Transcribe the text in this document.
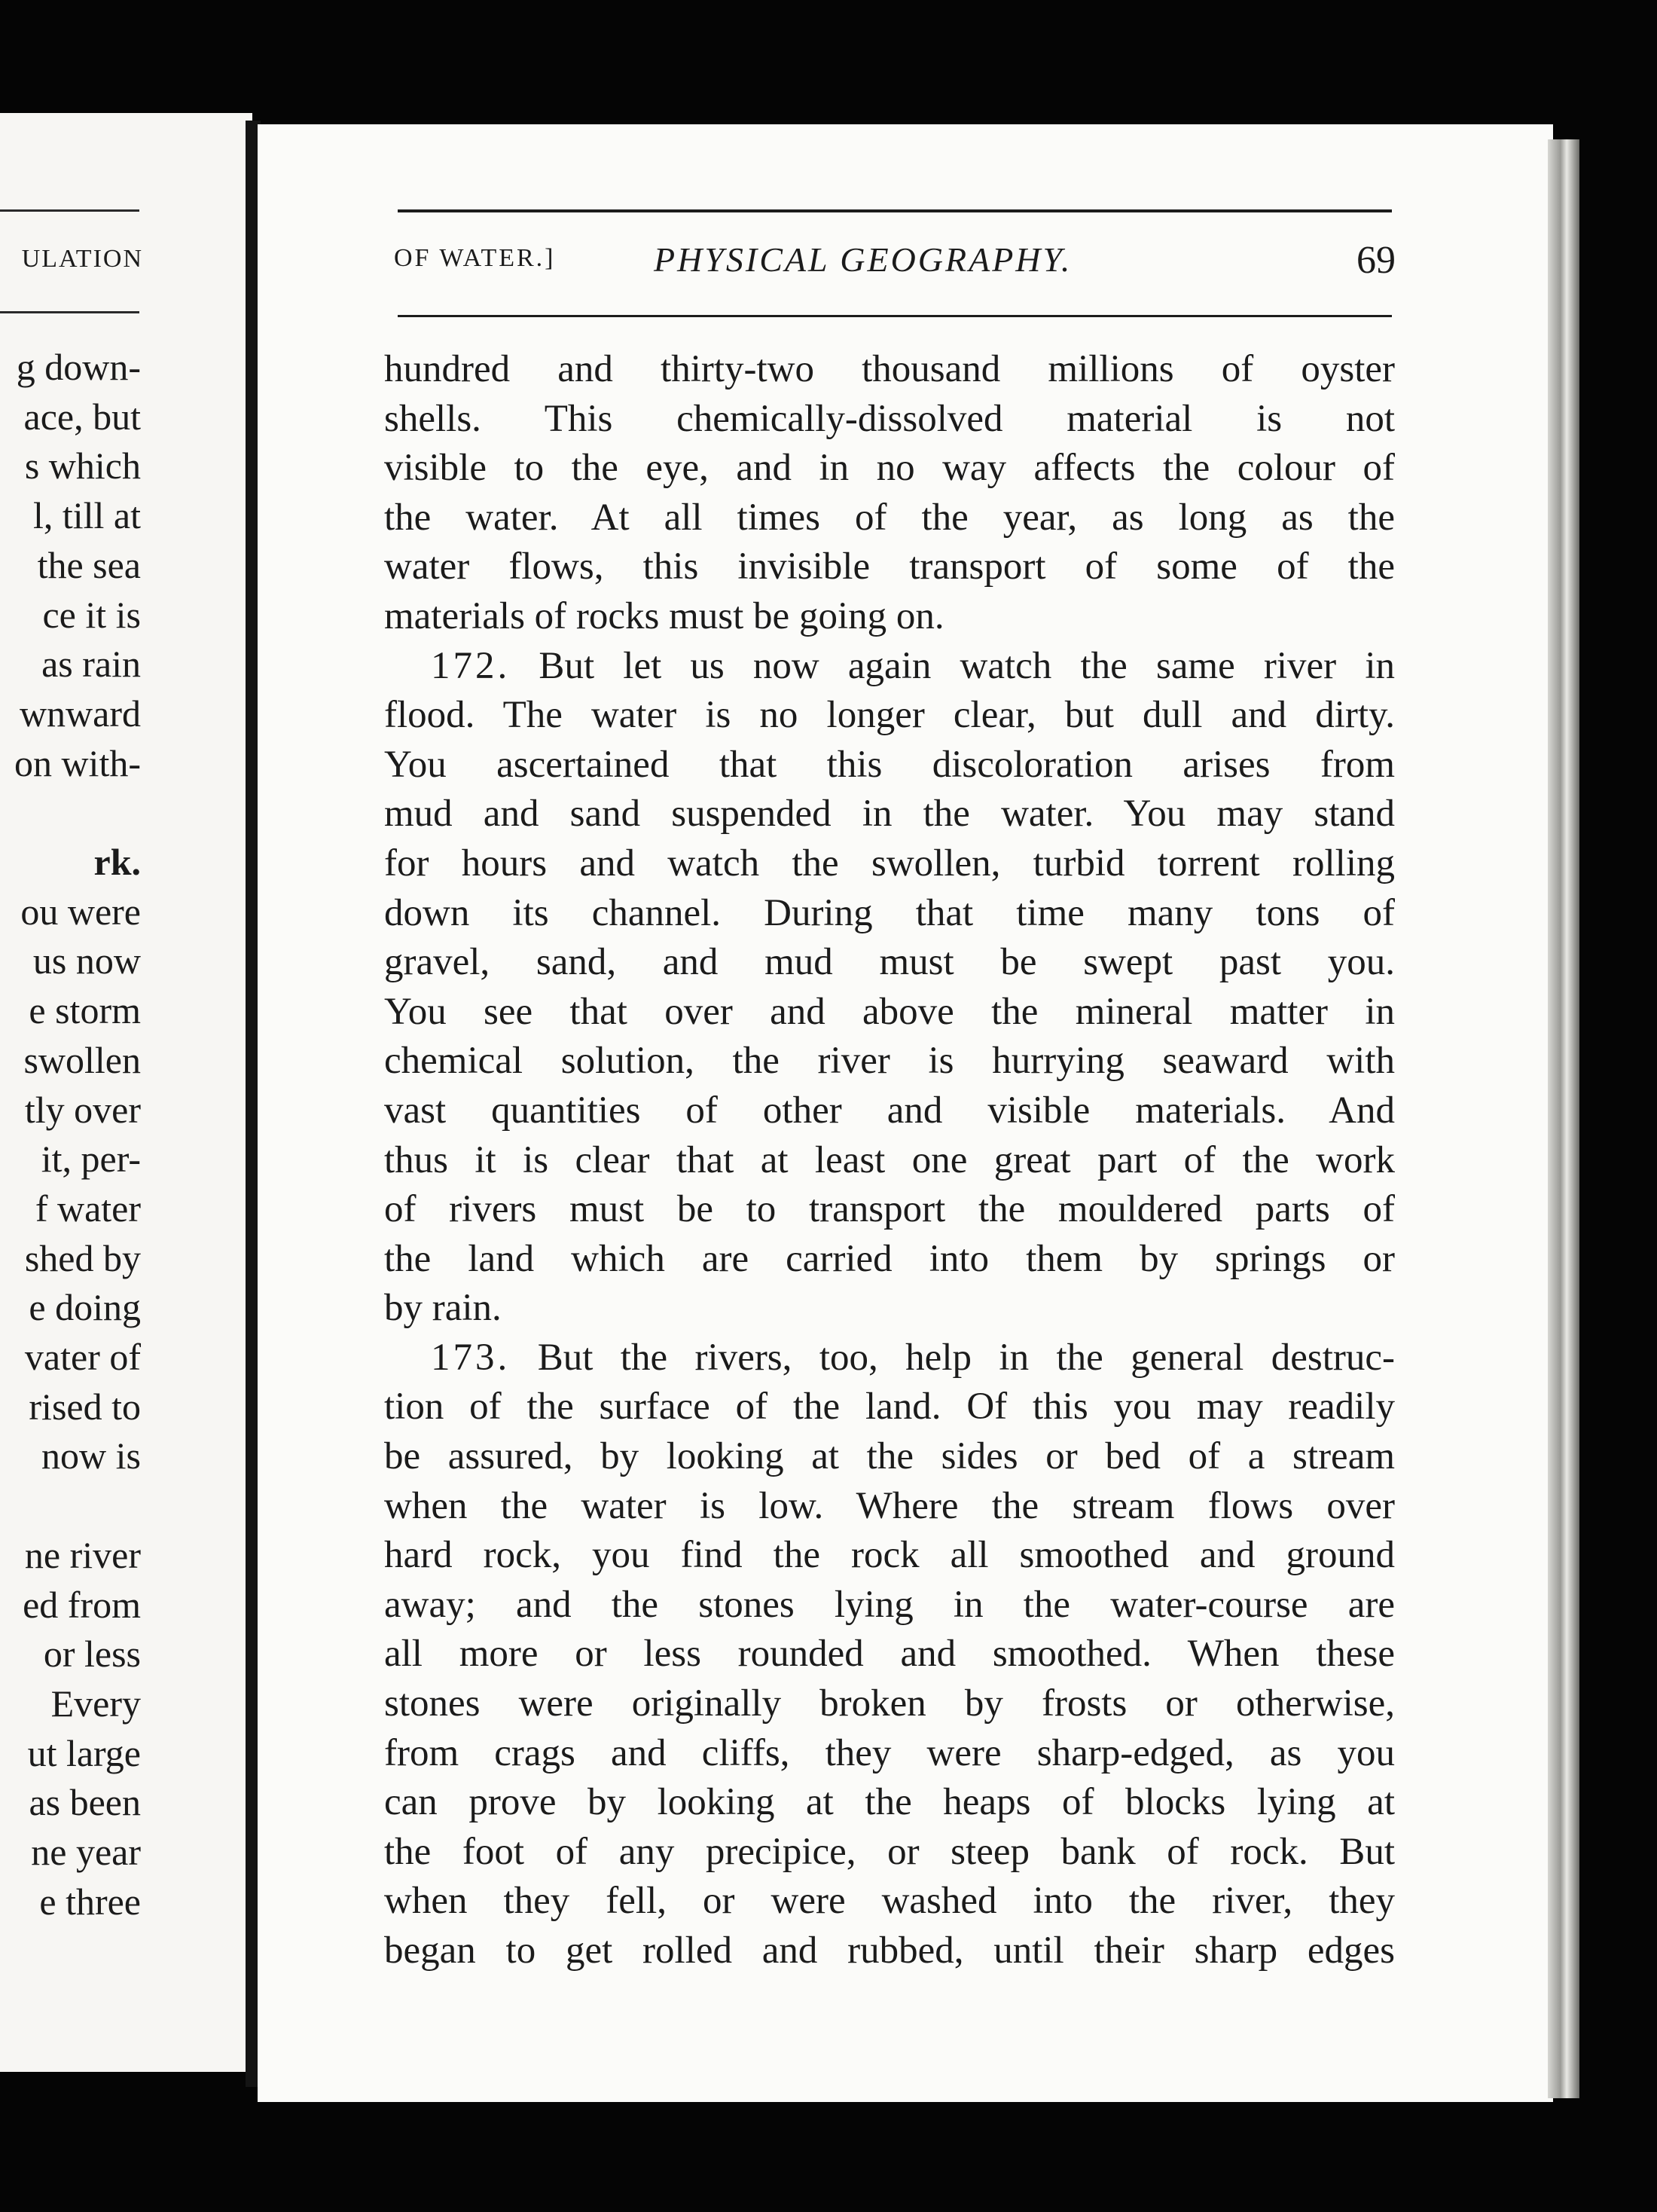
ULATION
g down-
ace, but
s which
l, till at
the sea
ce it is
as rain
wnward
on with-
rk.
ou were
us now
e storm
swollen
tly over
it, per-
f water
shed by
e doing
vater of
rised to
now is
ne river
ed from
or less
Every
ut large
as been
ne year
e three
OF WATER.]	PHYSICAL GEOGRAPHY.	69
hundred and thirty-two thousand millions of oyster
shells. This chemically-dissolved material is not
visible to the eye, and in no way affects the colour of
the water. At all times of the year, as long as the
water flows, this invisible transport of some of the
materials of rocks must be going on.
172. But let us now again watch the same river in
flood. The water is no longer clear, but dull and dirty.
You ascertained that this discoloration arises from
mud and sand suspended in the water. You may stand
for hours and watch the swollen, turbid torrent rolling
down its channel. During that time many tons of
gravel, sand, and mud must be swept past you.
You see that over and above the mineral matter in
chemical solution, the river is hurrying seaward with
vast quantities of other and visible materials. And
thus it is clear that at least one great part of the work
of rivers must be to transport the mouldered parts of
the land which are carried into them by springs or
by rain.
173. But the rivers, too, help in the general destruc-
tion of the surface of the land. Of this you may readily
be assured, by looking at the sides or bed of a stream
when the water is low. Where the stream flows over
hard rock, you find the rock all smoothed and ground
away; and the stones lying in the water-course are
all more or less rounded and smoothed. When these
stones were originally broken by frosts or otherwise,
from crags and cliffs, they were sharp-edged, as you
can prove by looking at the heaps of blocks lying at
the foot of any precipice, or steep bank of rock. But
when they fell, or were washed into the river, they
began to get rolled and rubbed, until their sharp edges
